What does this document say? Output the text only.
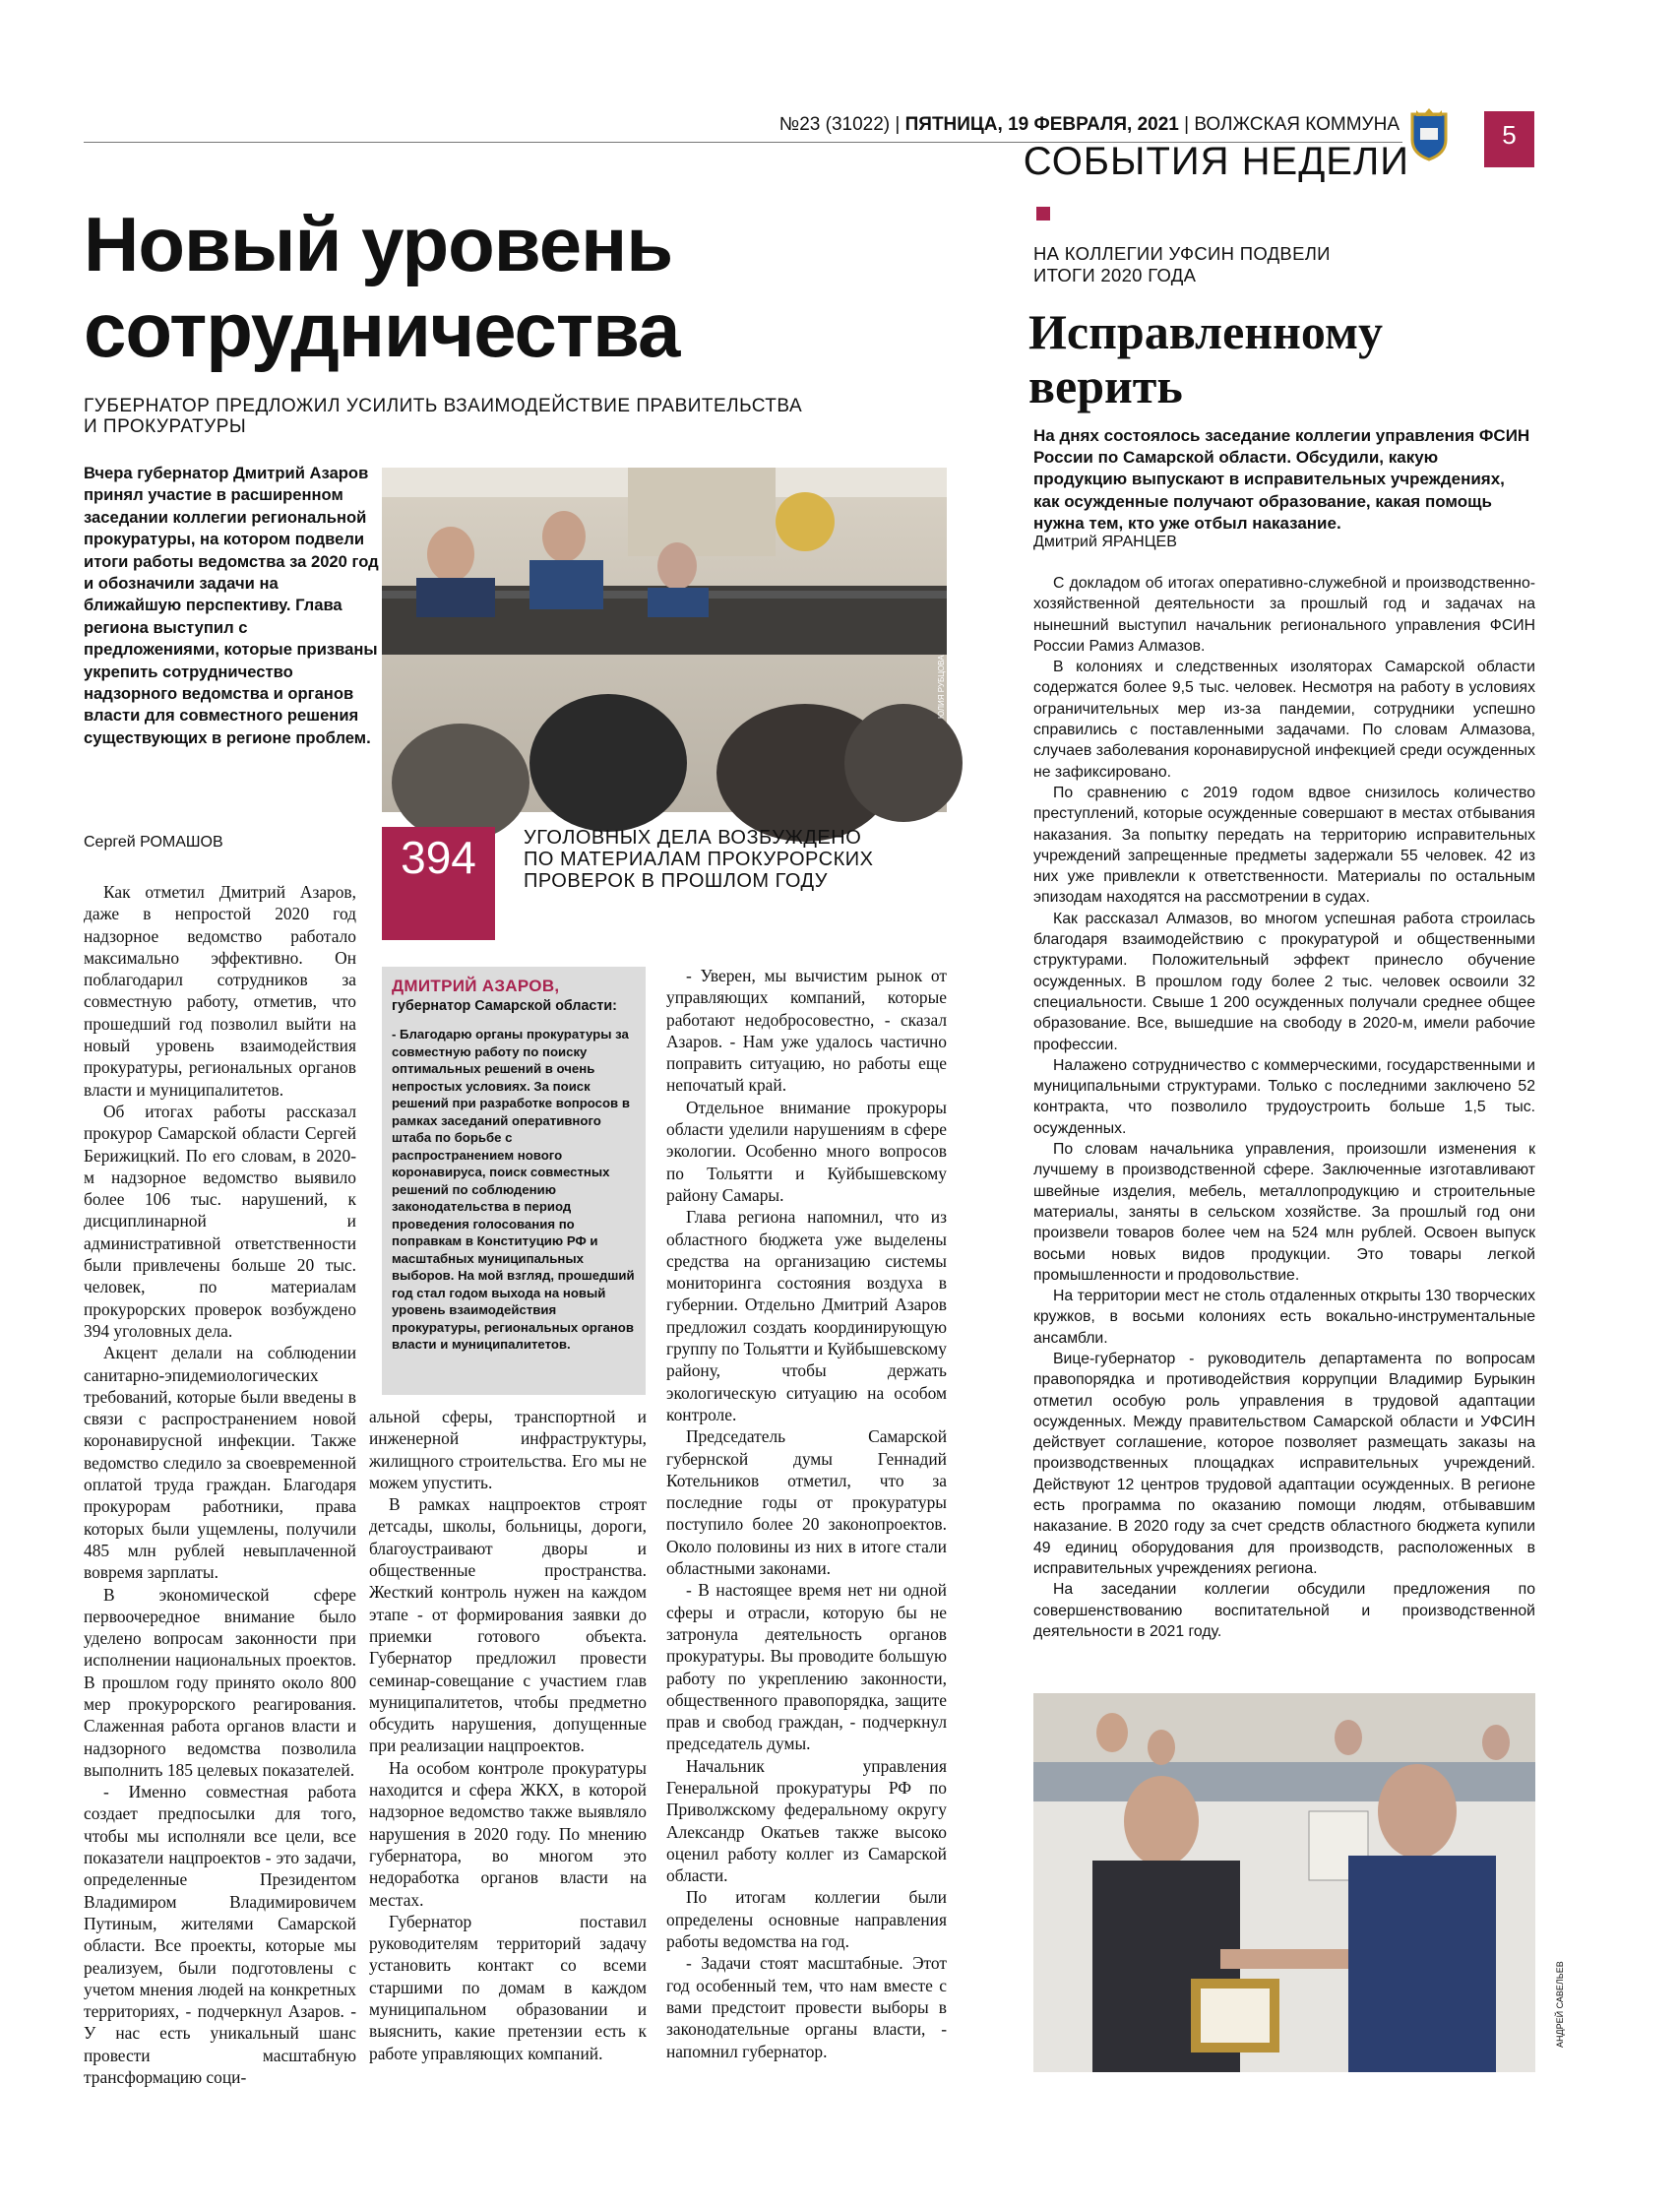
№23 (31022) | ПЯТНИЦА, 19 ФЕВРАЛЯ, 2021 | ВОЛЖСКАЯ КОММУНА	5
СОБЫТИЯ НЕДЕЛИ
Новый уровень
сотрудничества
ГУБЕРНАТОР ПРЕДЛОЖИЛ УСИЛИТЬ ВЗАИМОДЕЙСТВИЕ ПРАВИТЕЛЬСТВА
И ПРОКУРАТУРЫ
Вчера губернатор Дмитрий Азаров принял участие в расширенном заседании коллегии региональной прокуратуры, на котором подвели итоги работы ведомства за 2020 год и обозначили задачи на ближайшую перспективу. Глава региона выступил с предложениями, которые призваны укрепить сотрудничество надзорного ведомства и органов власти для совместного решения существующих в регионе проблем.
Сергей РОМАШОВ
ЮЛИЯ РУБЦОВА
394	УГОЛОВНЫХ ДЕЛА ВОЗБУЖДЕНО ПО МАТЕРИАЛАМ ПРОКУРОРСКИХ ПРОВЕРОК В ПРОШЛОМ ГОДУ

Как отметил Дмитрий Азаров, даже в непростой 2020 год надзорное ведомство работало максимально эффективно. Он поблагодарил сотрудников за совместную работу, отметив, что прошедший год позволил выйти на новый уровень взаимодействия прокуратуры, региональных органов власти и муниципалитетов.

Об итогах работы рассказал прокурор Самарской области Сергей Берижицкий. По его словам, в 2020-м надзорное ведомство выявило более 106 тыс. нарушений, к дисциплинарной и административной ответственности были привлечены больше 20 тыс. человек, по материалам прокурорских проверок возбуждено 394 уголовных дела.

Акцент делали на соблюдении санитарно-эпидемиологических требований, которые были введены в связи с распространением новой коронавирусной инфекции. Также ведомство следило за своевременной оплатой труда граждан. Благодаря прокурорам работники, права которых были ущемлены, получили 485 млн рублей невыплаченной вовремя зарплаты.

В экономической сфере первоочередное внимание было уделено вопросам законности при исполнении национальных проектов. В прошлом году принято около 800 мер прокурорского реагирования. Слаженная работа органов власти и надзорного ведомства позволила выполнить 185 целевых показателей.

- Именно совместная работа создает предпосылки для того, чтобы мы исполняли все цели, все показатели нацпроектов - это задачи, определенные Президентом Владимиром Владимировичем Путиным, жителями Самарской области. Все проекты, которые мы реализуем, были подготовлены с учетом мнения людей на конкретных территориях, - подчеркнул Азаров. - У нас есть уникальный шанс провести масштабную трансформацию соци-

ДМИТРИЙ АЗАРОВ,
губернатор Самарской области:
- Благодарю органы прокуратуры за совместную работу по поиску оптимальных решений в очень непростых условиях. За поиск решений при разработке вопросов в рамках заседаний оперативного штаба по борьбе с распространением нового коронавируса, поиск совместных решений по соблюдению законодательства в период проведения голосования по поправкам в Конституцию РФ и масштабных муниципальных выборов. На мой взгляд, прошедший год стал годом выхода на новый уровень взаимодействия прокуратуры, региональных органов власти и муниципалитетов.

альной сферы, транспортной и инженерной инфраструктуры, жилищного строительства. Его мы не можем упустить.

В рамках нацпроектов строят детсады, школы, больницы, дороги, благоустраивают дворы и общественные пространства. Жесткий контроль нужен на каждом этапе - от формирования заявки до приемки готового объекта. Губернатор предложил провести семинар-совещание с участием глав муниципалитетов, чтобы предметно обсудить нарушения, допущенные при реализации нацпроектов.

На особом контроле прокуратуры находится и сфера ЖКХ, в которой надзорное ведомство также выявляло нарушения в 2020 году. По мнению губернатора, во многом это недоработка органов власти на местах.

Губернатор поставил руководителям территорий задачу установить контакт со всеми старшими по домам в каждом муниципальном образовании и выяснить, какие претензии есть к работе управляющих компаний.

- Уверен, мы вычистим рынок от управляющих компаний, которые работают недобросовестно, - сказал Азаров. - Нам уже удалось частично поправить ситуацию, но работы еще непочатый край.

Отдельное внимание прокуроры области уделили нарушениям в сфере экологии. Особенно много вопросов по Тольятти и Куйбышевскому району Самары.

Глава региона напомнил, что из областного бюджета уже выделены средства на организацию системы мониторинга состояния воздуха в губернии. Отдельно Дмитрий Азаров предложил создать координирующую группу по Тольятти и Куйбышевскому району, чтобы держать экологическую ситуацию на особом контроле.

Председатель Самарской губернской думы Геннадий Котельников отметил, что за последние годы от прокуратуры поступило более 20 законопроектов. Около половины из них в итоге стали областными законами.

- В настоящее время нет ни одной сферы и отрасли, которую бы не затронула деятельность органов прокуратуры. Вы проводите большую работу по укреплению законности, общественного правопорядка, защите прав и свобод граждан, - подчеркнул председатель думы.

Начальник управления Генеральной прокуратуры РФ по Приволжскому федеральному округу Александр Окатьев также высоко оценил работу коллег из Самарской области.

По итогам коллегии были определены основные направления работы ведомства на год.

- Задачи стоят масштабные. Этот год особенный тем, что нам вместе с вами предстоит провести выборы в законодательные органы власти, - напомнил губернатор.

НА КОЛЛЕГИИ УФСИН ПОДВЕЛИ
ИТОГИ 2020 ГОДА
Исправленному
верить
На днях состоялось заседание коллегии управления ФСИН России по Самарской области. Обсудили, какую продукцию выпускают в исправительных учреждениях, как осужденные получают образование, какая помощь нужна тем, кто уже отбыл наказание.
Дмитрий ЯРАНЦЕВ

С докладом об итогах оперативно-служебной и производственно-хозяйственной деятельности за прошлый год и задачах на нынешний выступил начальник регионального управления ФСИН России Рамиз Алмазов.

В колониях и следственных изоляторах Самарской области содержатся более 9,5 тыс. человек. Несмотря на работу в условиях ограничительных мер из-за пандемии, сотрудники успешно справились с поставленными задачами. По словам Алмазова, случаев заболевания коронавирусной инфекцией среди осужденных не зафиксировано.

По сравнению с 2019 годом вдвое снизилось количество преступлений, которые осужденные совершают в местах отбывания наказания. За попытку передать на территорию исправительных учреждений запрещенные предметы задержали 55 человек. 42 из них уже привлекли к ответственности. Материалы по остальным эпизодам находятся на рассмотрении в судах.

Как рассказал Алмазов, во многом успешная работа строилась благодаря взаимодействию с прокуратурой и общественными структурами. Положительный эффект принесло обучение осужденных. В прошлом году более 2 тыс. человек освоили 32 специальности. Свыше 1 200 осужденных получали среднее общее образование. Все, вышедшие на свободу в 2020-м, имели рабочие профессии.

Налажено сотрудничество с коммерческими, государственными и муниципальными структурами. Только с последними заключено 52 контракта, что позволило трудоустроить больше 1,5 тыс. осужденных.

По словам начальника управления, произошли изменения к лучшему в производственной сфере. Заключенные изготавливают швейные изделия, мебель, металлопродукцию и строительные материалы, заняты в сельском хозяйстве. За прошлый год они произвели товаров более чем на 524 млн рублей. Освоен выпуск восьми новых видов продукции. Это товары легкой промышленности и продовольствие.

На территории мест не столь отдаленных открыты 130 творческих кружков, в восьми колониях есть вокально-инструментальные ансамбли.

Вице-губернатор - руководитель департамента по вопросам правопорядка и противодействия коррупции Владимир Бурыкин отметил особую роль управления в трудовой адаптации осужденных. Между правительством Самарской области и УФСИН действует соглашение, которое позволяет размещать заказы на производственных площадках исправительных учреждений. Действуют 12 центров трудовой адаптации осужденных. В регионе есть программа по оказанию помощи людям, отбывавшим наказание. В 2020 году за счет средств областного бюджета купили 49 единиц оборудования для производств, расположенных в исправительных учреждениях региона.

На заседании коллегии обсудили предложения по совершенствованию воспитательной и производственной деятельности в 2021 году.

АНДРЕЙ САВЕЛЬЕВ
